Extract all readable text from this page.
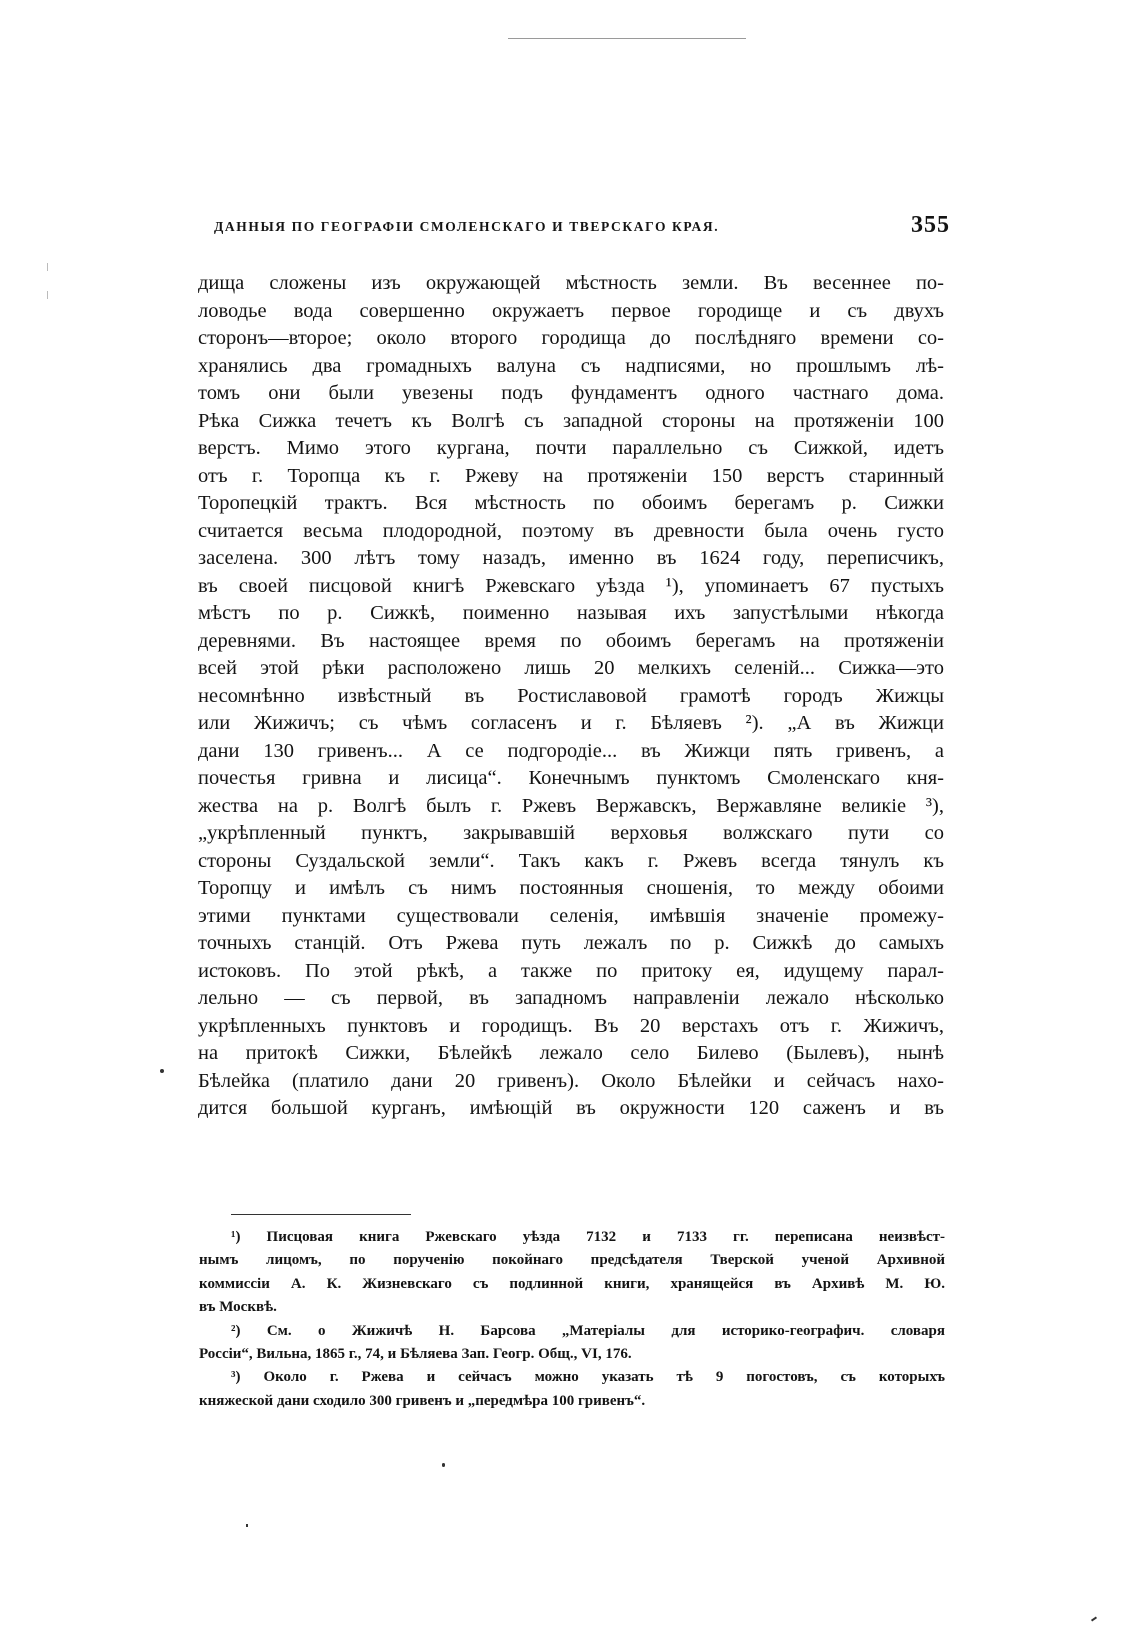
ДАННЫЯ ПО ГЕОГРАФІИ СМОЛЕНСКАГО И ТВЕРСКАГО КРАЯ.	355
дища сложены изъ окружающей мѣстность земли. Въ весеннее по-
ловодье вода совершенно окружаетъ первое городище и съ двухъ
сторонъ—второе; около второго городища до послѣдняго времени со-
хранялись два громадныхъ валуна съ надписями, но прошлымъ лѣ-
томъ они были увезены подъ фундаментъ одного частнаго дома.
Рѣка Сижка течетъ къ Волгѣ съ западной стороны на протяженіи 100
верстъ. Мимо этого кургана, почти параллельно съ Сижкой, идетъ
отъ г. Торопца къ г. Ржеву на протяженіи 150 верстъ старинный
Торопецкій трактъ. Вся мѣстность по обоимъ берегамъ р. Сижки
считается весьма плодородной, поэтому въ древности была очень густо
заселена. 300 лѣтъ тому назадъ, именно въ 1624 году, переписчикъ,
въ своей писцовой книгѣ Ржевскаго уѣзда ¹), упоминаетъ 67 пустыхъ
мѣстъ по р. Сижкѣ, поименно называя ихъ запустѣлыми нѣкогда
деревнями. Въ настоящее время по обоимъ берегамъ на протяженіи
всей этой рѣки расположено лишь 20 мелкихъ селеній... Сижка—это
несомнѣнно извѣстный въ Ростиславовой грамотѣ городъ Жижцы
или Жижичъ; съ чѣмъ согласенъ и г. Бѣляевъ ²). „А въ Жижци
дани 130 гривенъ... А се подгородіе... въ Жижци пять гривенъ, а
почестья гривна и лисица“. Конечнымъ пунктомъ Смоленскаго кня-
жества на р. Волгѣ былъ г. Ржевъ Вержавскъ, Вержавляне великіе ³),
„укрѣпленный пунктъ, закрывавшій верховья волжскаго пути со
стороны Суздальской земли“. Такъ какъ г. Ржевъ всегда тянулъ къ
Торопцу и имѣлъ съ нимъ постоянныя сношенія, то между обоими
этими пунктами существовали селенія, имѣвшія значеніе промежу-
точныхъ станцій. Отъ Ржева путь лежалъ по р. Сижкѣ до самыхъ
истоковъ. По этой рѣкѣ, а также по притоку ея, идущему парал-
лельно — съ первой, въ западномъ направленіи лежало нѣсколько
укрѣпленныхъ пунктовъ и городищъ. Въ 20 верстахъ отъ г. Жижичъ,
на притокѣ Сижки, Бѣлейкѣ лежало село Билево (Былевъ), нынѣ
Бѣлейка (платило дани 20 гривенъ). Около Бѣлейки и сейчасъ нахо-
дится большой курганъ, имѣющій въ окружности 120 саженъ и въ
¹) Писцовая книга Ржевскаго уѣзда 7132 и 7133 гг. переписана неизвѣст-
нымъ лицомъ, по порученію покойнаго предсѣдателя Тверской ученой Архивной
коммиссіи А. К. Жизневскаго съ подлинной книги, хранящейся въ Архивѣ М. Ю.
въ Москвѣ.
²) См. о Жижичѣ Н. Барсова „Матеріалы для историко-географич. словаря
Россіи“, Вильна, 1865 г., 74, и Бѣляева Зап. Геогр. Общ., VI, 176.
³) Около г. Ржева и сейчасъ можно указать тѣ 9 погостовъ, съ которыхъ
княжеской дани сходило 300 гривенъ и „передмѣра 100 гривенъ“.
